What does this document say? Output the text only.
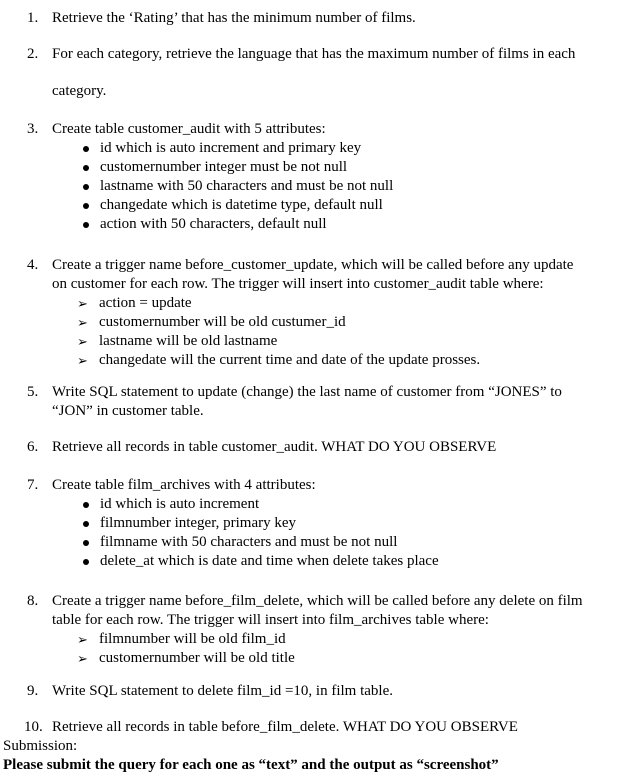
1. Retrieve the ‘Rating’ that has the minimum number of films.
2. For each category, retrieve the language that has the maximum number of films in each
category.
3. Create table customer_audit with 5 attributes:
id which is auto increment and primary key
customernumber integer must be not null
lastname with 50 characters and must be not null
changedate which is datetime type, default null
action with 50 characters, default null
4. Create a trigger name before_customer_update, which will be called before any update
on customer for each row. The trigger will insert into customer_audit table where:
➢ action = update
➢ customernumber will be old custumer_id
➢ lastname will be old lastname
➢ changedate will the current time and date of the update prosses.
5. Write SQL statement to update (change) the last name of customer from “JONES” to
“JON” in customer table.
6. Retrieve all records in table customer_audit. WHAT DO YOU OBSERVE
7. Create table film_archives with 4 attributes:
id which is auto increment
filmnumber integer, primary key
filmname with 50 characters and must be not null
delete_at which is date and time when delete takes place
8. Create a trigger name before_film_delete, which will be called before any delete on film
table for each row. The trigger will insert into film_archives table where:
➢ filmnumber will be old film_id
➢ customernumber will be old title
9. Write SQL statement to delete film_id =10, in film table.
10. Retrieve all records in table before_film_delete. WHAT DO YOU OBSERVE
Submission:
Please submit the query for each one as “text” and the output as “screenshot”
